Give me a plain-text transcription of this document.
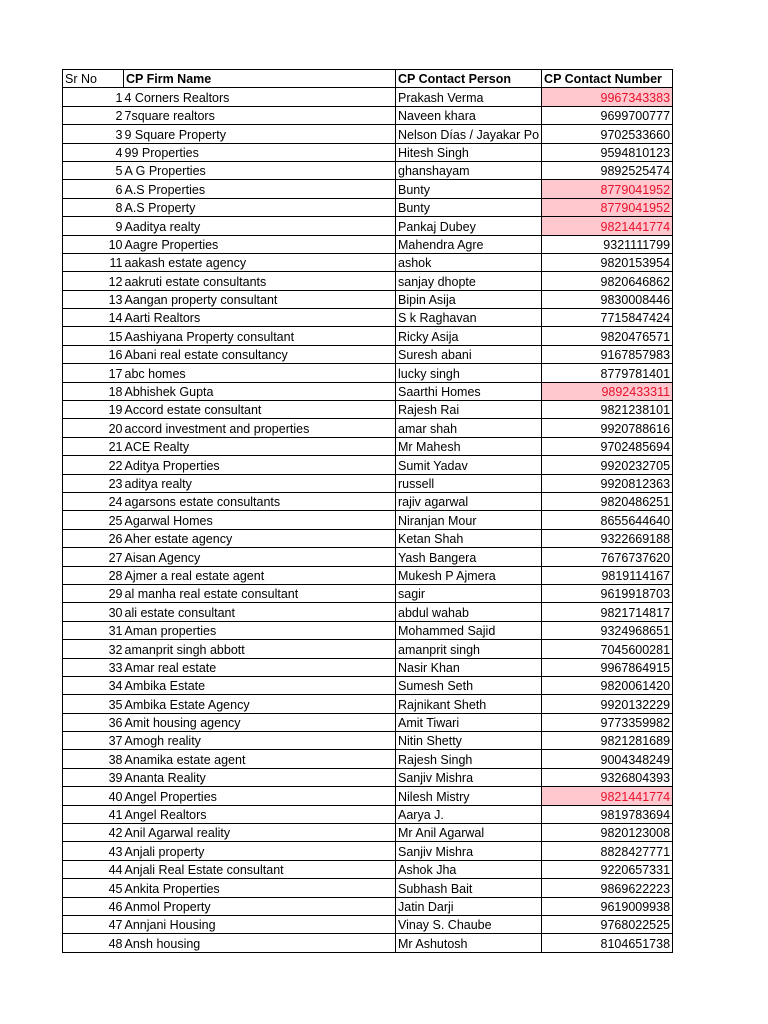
Sr No	CP Firm Name	CP Contact Person	CP Contact Number
1	4 Corners Realtors	Prakash Verma	9967343383
2	7square realtors	Naveen khara	9699700777
3	9 Square Property	Nelson Días / Jayakar Po	9702533660
4	99 Properties	Hitesh Singh	9594810123
5	A G Properties	ghanshayam	9892525474
6	A.S Properties	Bunty	8779041952
8	A.S Property	Bunty	8779041952
9	Aaditya realty	Pankaj Dubey	9821441774
10	Aagre Properties	Mahendra Agre	9321111799
11	aakash estate agency	ashok	9820153954
12	aakruti estate consultants	sanjay dhopte	9820646862
13	Aangan property consultant	Bipin Asija	9830008446
14	Aarti Realtors	S k Raghavan	7715847424
15	Aashiyana Property consultant	Ricky Asija	9820476571
16	Abani real estate consultancy	Suresh abani	9167857983
17	abc homes	lucky singh	8779781401
18	Abhishek Gupta	Saarthi Homes	9892433311
19	Accord estate consultant	Rajesh Rai	9821238101
20	accord investment and properties	amar shah	9920788616
21	ACE Realty	Mr Mahesh	9702485694
22	Aditya Properties	Sumit Yadav	9920232705
23	aditya realty	russell	9920812363
24	agarsons estate consultants	rajiv agarwal	9820486251
25	Agarwal Homes	Niranjan Mour	8655644640
26	Aher estate agency	Ketan Shah	9322669188
27	Aisan Agency	Yash Bangera	7676737620
28	Ajmer a real estate agent	Mukesh P Ajmera	9819114167
29	al manha real estate consultant	sagir	9619918703
30	ali estate consultant	abdul wahab	9821714817
31	Aman properties	Mohammed Sajid	9324968651
32	amanprit singh abbott	amanprit singh	7045600281
33	Amar real estate	Nasir Khan	9967864915
34	Ambika Estate	Sumesh Seth	9820061420
35	Ambika Estate Agency	Rajnikant Sheth	9920132229
36	Amit housing agency	Amit Tiwari	9773359982
37	Amogh reality	Nitin Shetty	9821281689
38	Anamika estate agent	Rajesh Singh	9004348249
39	Ananta Reality	Sanjiv Mishra	9326804393
40	Angel Properties	Nilesh Mistry	9821441774
41	Angel Realtors	Aarya J.	9819783694
42	Anil Agarwal reality	Mr Anil Agarwal	9820123008
43	Anjali property	Sanjiv Mishra	8828427771
44	Anjali Real Estate consultant	Ashok Jha	9220657331
45	Ankita Properties	Subhash Bait	9869622223
46	Anmol Property	Jatin Darji	9619009938
47	Annjani Housing	Vinay S. Chaube	9768022525
48	Ansh housing	Mr Ashutosh	8104651738
